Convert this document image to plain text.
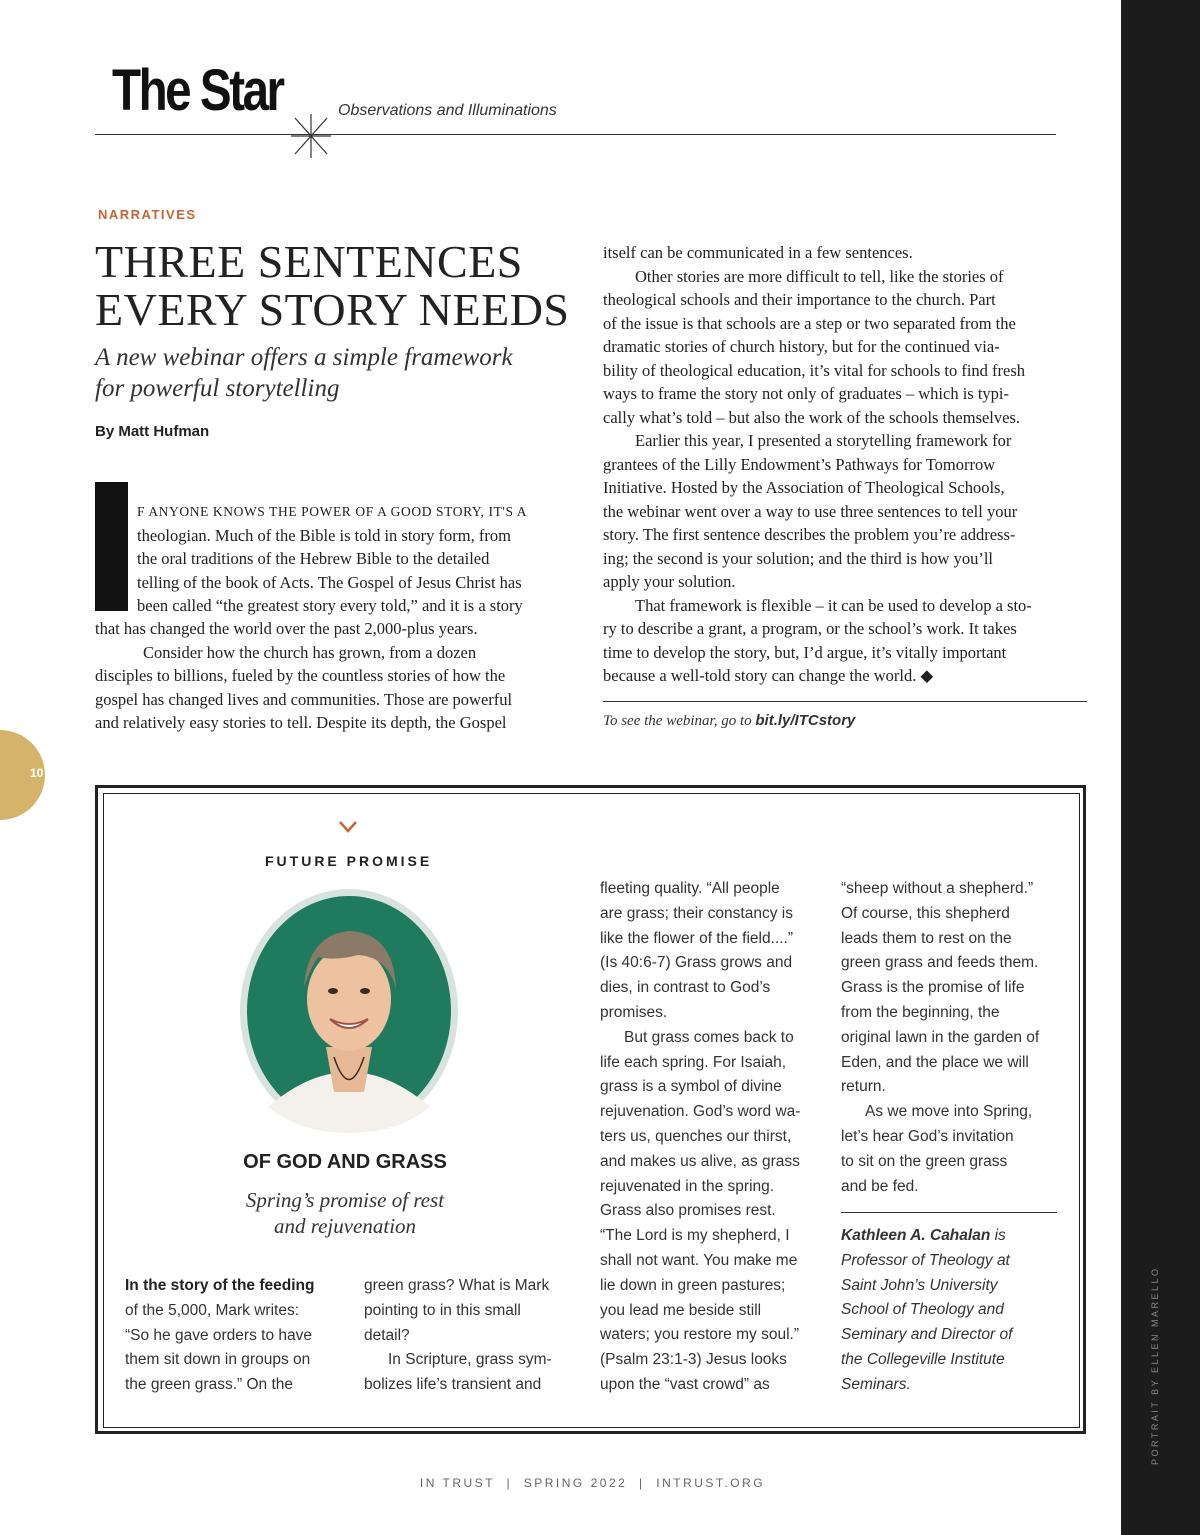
The Star	Observations and Illuminations
NARRATIVES
THREE SENTENCES
EVERY STORY NEEDS
A new webinar offers a simple framework
for powerful storytelling
By Matt Hufman
F ANYONE KNOWS THE POWER OF A GOOD STORY, IT'S A
theologian. Much of the Bible is told in story form, from
the oral traditions of the Hebrew Bible to the detailed
telling of the book of Acts. The Gospel of Jesus Christ has
been called “the greatest story every told,” and it is a story
that has changed the world over the past 2,000-plus years.
Consider how the church has grown, from a dozen
disciples to billions, fueled by the countless stories of how the
gospel has changed lives and communities. Those are powerful
and relatively easy stories to tell. Despite its depth, the Gospel
itself can be communicated in a few sentences.
Other stories are more difficult to tell, like the stories of
theological schools and their importance to the church. Part
of the issue is that schools are a step or two separated from the
dramatic stories of church history, but for the continued via-
bility of theological education, it’s vital for schools to find fresh
ways to frame the story not only of graduates – which is typi-
cally what’s told – but also the work of the schools themselves.
Earlier this year, I presented a storytelling framework for
grantees of the Lilly Endowment’s Pathways for Tomorrow
Initiative. Hosted by the Association of Theological Schools,
the webinar went over a way to use three sentences to tell your
story. The first sentence describes the problem you’re address-
ing; the second is your solution; and the third is how you’ll
apply your solution.
That framework is flexible – it can be used to develop a sto-
ry to describe a grant, a program, or the school’s work. It takes
time to develop the story, but, I’d argue, it’s vitally important
because a well-told story can change the world. ◆
To see the webinar, go to bit.ly/ITCstory
10
FUTURE PROMISE
OF GOD AND GRASS
Spring’s promise of rest
and rejuvenation
In the story of the feeding
of the 5,000, Mark writes:
“So he gave orders to have
them sit down in groups on
the green grass.” On the
green grass? What is Mark
pointing to in this small
detail?
In Scripture, grass sym-
bolizes life’s transient and
fleeting quality. “All people
are grass; their constancy is
like the flower of the field....”
(Is 40:6-7) Grass grows and
dies, in contrast to God’s
promises.
But grass comes back to
life each spring. For Isaiah,
grass is a symbol of divine
rejuvenation. God’s word wa-
ters us, quenches our thirst,
and makes us alive, as grass
rejuvenated in the spring.
Grass also promises rest.
“The Lord is my shepherd, I
shall not want. You make me
lie down in green pastures;
you lead me beside still
waters; you restore my soul.”
(Psalm 23:1-3) Jesus looks
upon the “vast crowd” as
“sheep without a shepherd.”
Of course, this shepherd
leads them to rest on the
green grass and feeds them.
Grass is the promise of life
from the beginning, the
original lawn in the garden of
Eden, and the place we will
return.
As we move into Spring,
let’s hear God’s invitation
to sit on the green grass
and be fed.
Kathleen A. Cahalan is
Professor of Theology at
Saint John’s University
School of Theology and
Seminary and Director of
the Collegeville Institute
Seminars.	PORTRAIT BY ELLEN MARELLO
IN TRUST  |  SPRING 2022  |  INTRUST.ORG
